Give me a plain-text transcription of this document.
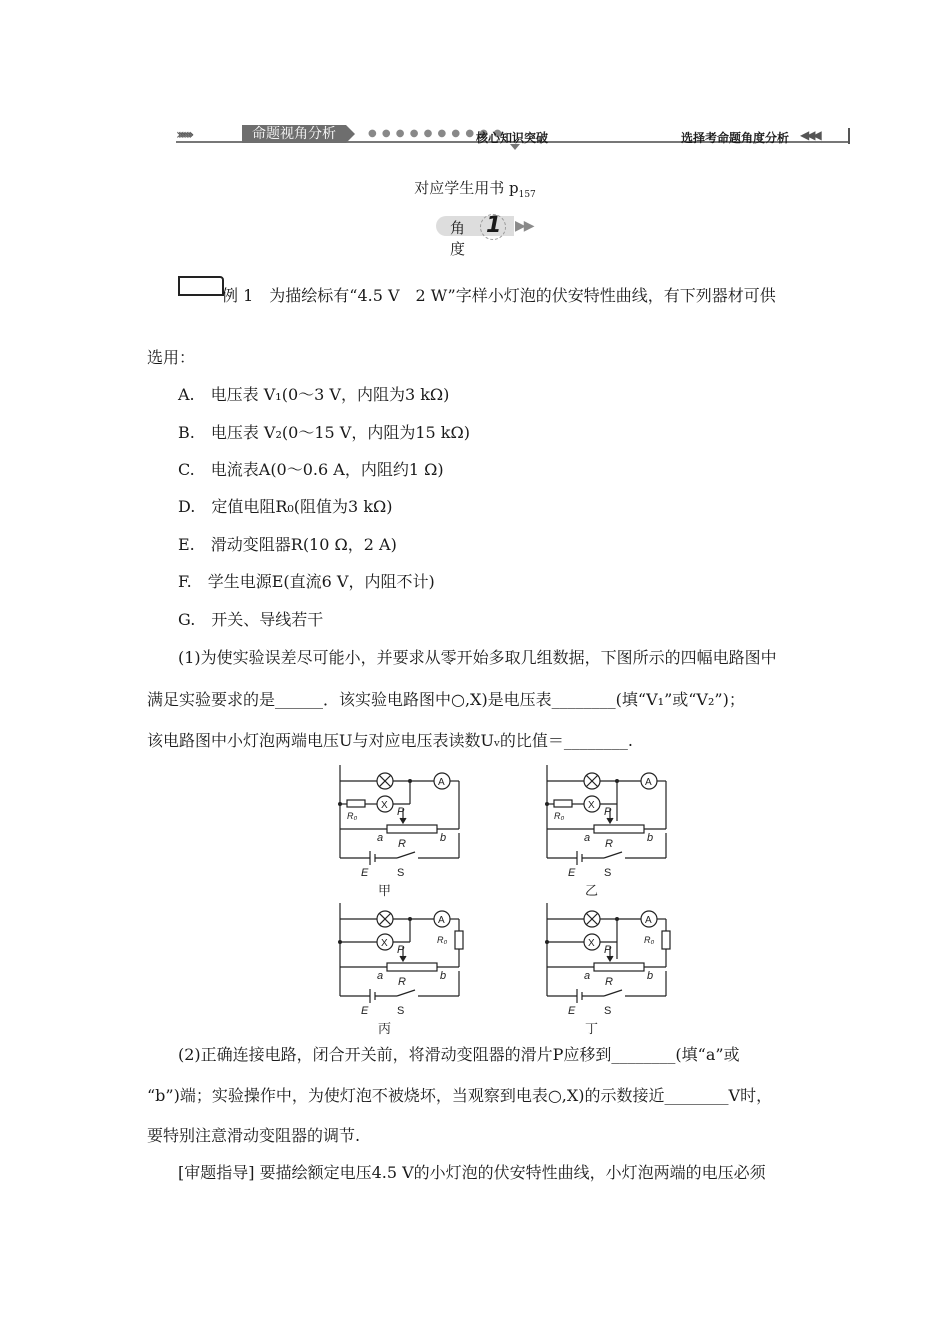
›››››››››	命题视角分析	● ● ● ● ● ● ● ● ● ●
核心知识突破	选择考命题角度分析 ◀◀◀
对应学生用书 $p_{157}$
角度
1 ▶▶
例 1　为描绘标有“4.5 V　2 W”字样小灯泡的伏安特性曲线，有下列器材可供
选用：
A.　电压表 V₁(0～3 V，内阻为3 kΩ)
B.　电压表 V₂(0～15 V，内阻为15 kΩ)
C.　电流表A(0～0.6 A，内阻约1 Ω)
D.　定值电阻R₀(阻值为3 kΩ)
E.　滑动变阻器R(10 Ω，2 A)
F.　学生电源E(直流6 V，内阻不计)
G.　开关、导线若干
(1)为使实验误差尽可能小，并要求从零开始多取几组数据，下图所示的四幅电路图中
满足实验要求的是______．该实验电路图中○,X)是电压表________(填“V₁”或“V₂”)；
该电路图中小灯泡两端电压U与对应电压表读数Uᵥ的比值＝________.
A
X
R₀	P
a	b
R
E	S
甲
A
X
R₀	P
a	b
R
E	S
乙
A
X	R₀
P
a	b
R
E	S
丙
A
X	R₀
P
a	b
R
E	S
丁
(2)正确连接电路，闭合开关前，将滑动变阻器的滑片P应移到________(填“a”或
“b”)端；实验操作中，为使灯泡不被烧坏，当观察到电表○,X)的示数接近________V时，
要特别注意滑动变阻器的调节.
[审题指导] 要描绘额定电压4.5 V的小灯泡的伏安特性曲线，小灯泡两端的电压必须
